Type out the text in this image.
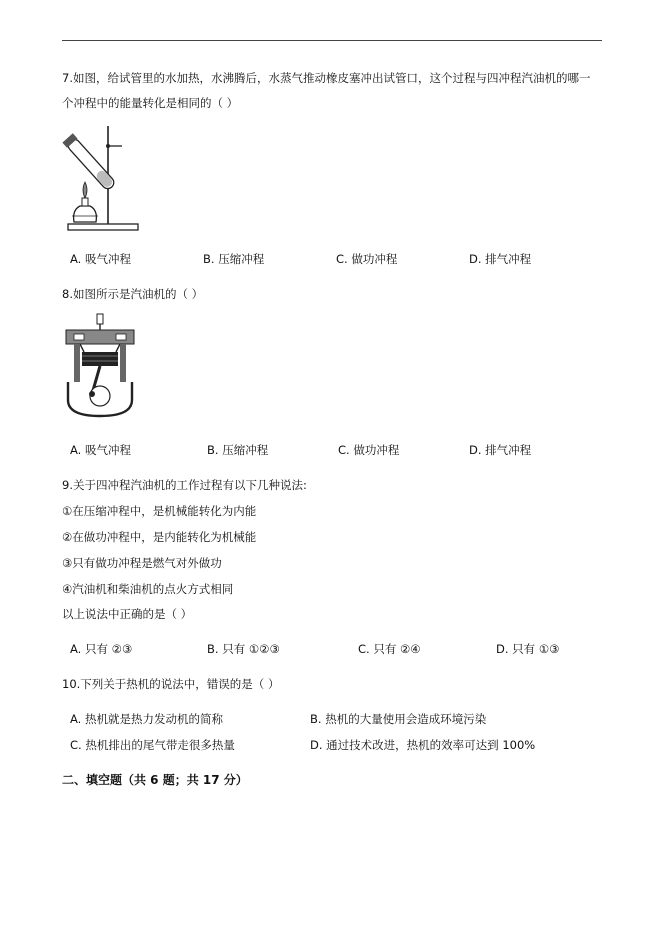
7.如图，给试管里的水加热，水沸腾后，水蒸气推动橡皮塞冲出试管口，这个过程与四冲程汽油机的哪一
个冲程中的能量转化是相同的（ ）
A. 吸气冲程	B. 压缩冲程	C. 做功冲程	D. 排气冲程
8.如图所示是汽油机的（ ）
A. 吸气冲程	B. 压缩冲程	C. 做功冲程	D. 排气冲程
9.关于四冲程汽油机的工作过程有以下几种说法:
①在压缩冲程中，是机械能转化为内能
②在做功冲程中，是内能转化为机械能
③只有做功冲程是燃气对外做功
④汽油机和柴油机的点火方式相同
以上说法中正确的是（ ）
A. 只有 ②③	B. 只有 ①②③	C. 只有 ②④	D. 只有 ①③
10.下列关于热机的说法中，错误的是（ ）
A. 热机就是热力发动机的简称	B. 热机的大量使用会造成环境污染
C. 热机排出的尾气带走很多热量	D. 通过技术改进，热机的效率可达到 100%
二、填空题（共 6 题；共 17 分）
